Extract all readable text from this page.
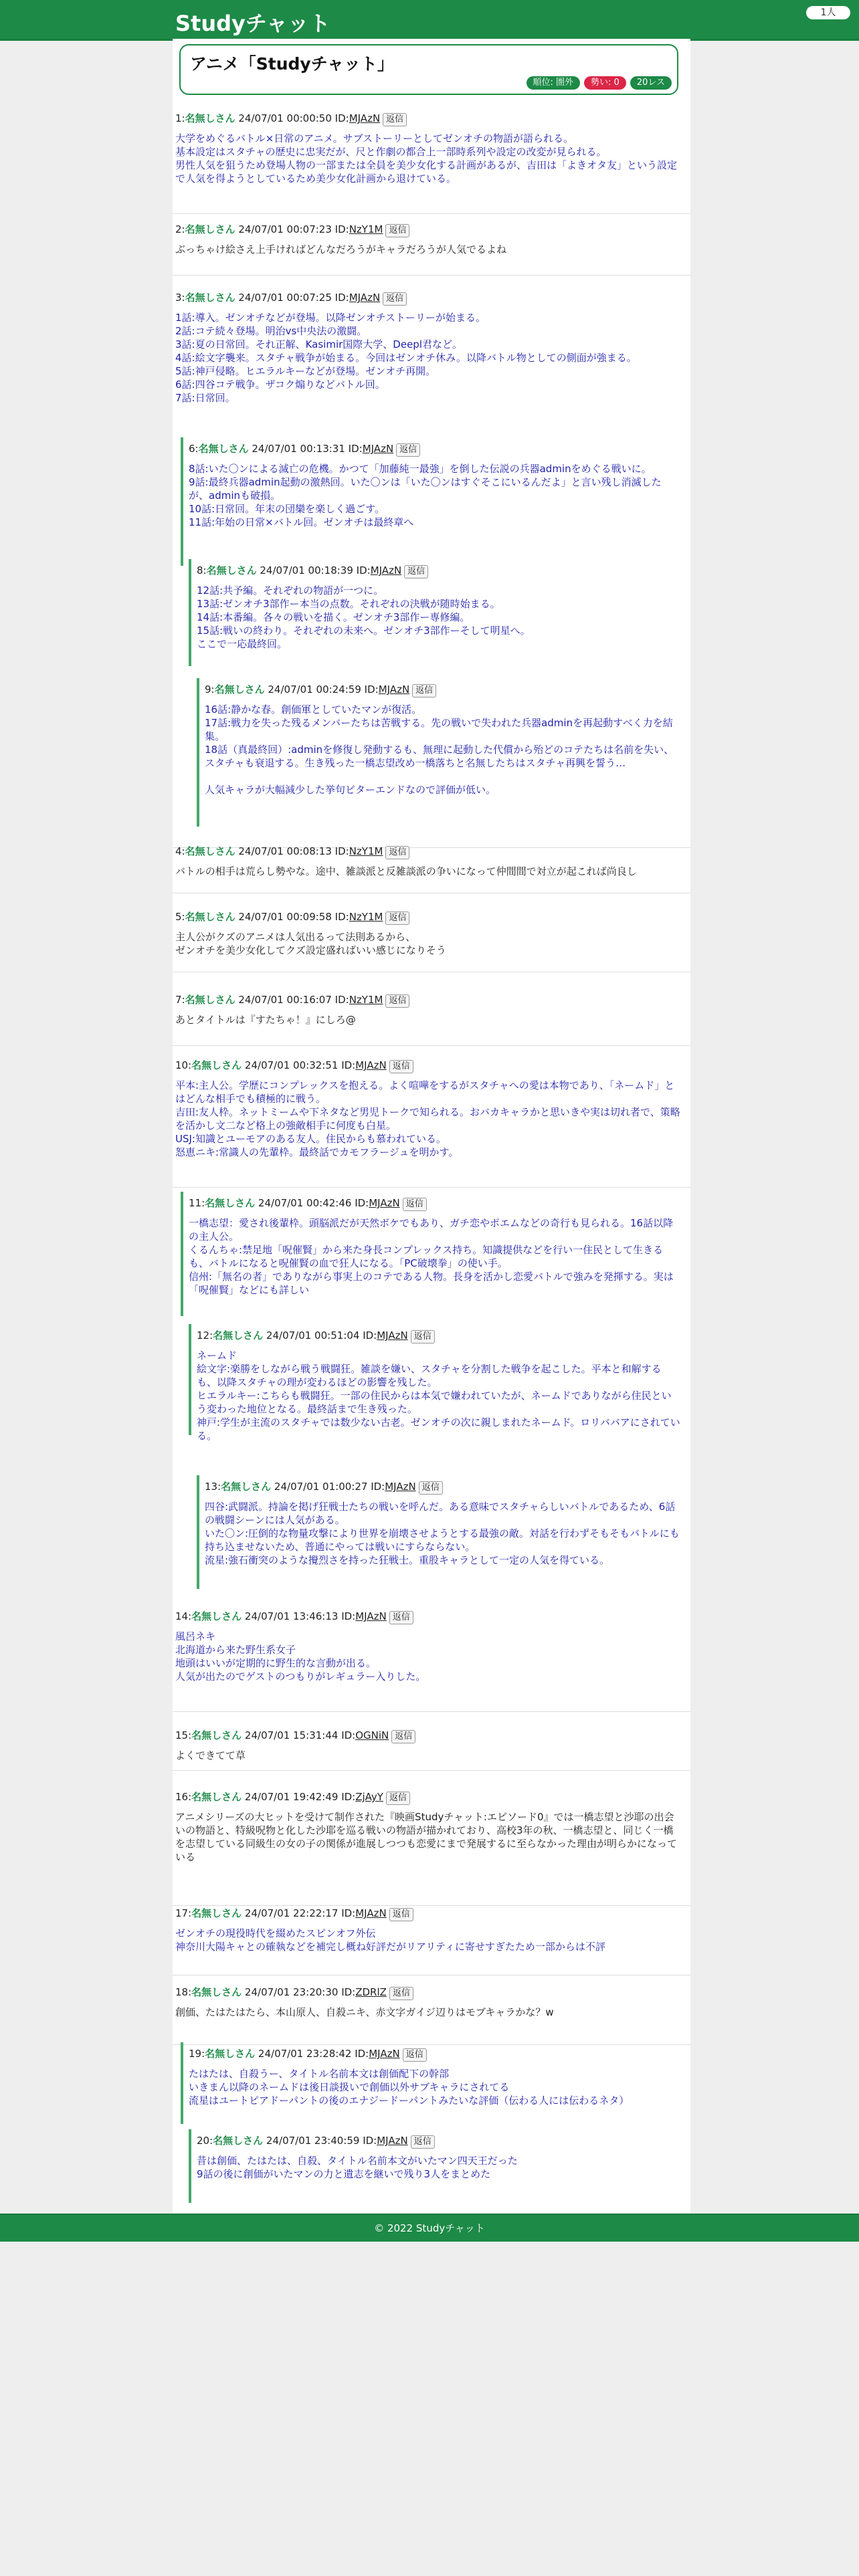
Studyチャット	1人
アニメ「Studyチャット」
順位: 圏外	勢い: 0	20レス
1:名無しさん 24/07/01 00:00:50 ID:MJAzN 返信
大学をめぐるバトル×日常のアニメ。サブストーリーとしてゼンオチの物語が語られる。
基本設定はスタチャの歴史に忠実だが、尺と作劇の都合上一部時系列や設定の改変が見られる。
男性人気を狙うため登場人物の一部または全員を美少女化する計画があるが、吉田は「よきオタ友」という設定で人気を得ようとしているため美少女化計画から退けている。
2:名無しさん 24/07/01 00:07:23 ID:NzY1M 返信
ぶっちゃけ絵さえ上手ければどんなだろうがキャラだろうが人気でるよね
3:名無しさん 24/07/01 00:07:25 ID:MJAzN 返信
1話:導入。ゼンオチなどが登場。以降ゼンオチストーリーが始まる。
2話:コテ続々登場。明治vs中央法の激闘。
3話:夏の日常回。それ正解、Kasimir国際大学、Deepl君など。
4話:絵文字襲来。スタチャ戦争が始まる。今回はゼンオチ休み。以降バトル物としての側面が強まる。
5話:神戸侵略。ヒエラルキーなどが登場。ゼンオチ再開。
6話:四谷コテ戦争。ザコク煽りなどバトル回。
7話:日常回。
6:名無しさん 24/07/01 00:13:31 ID:MJAzN 返信
8話:いた〇ンによる滅亡の危機。かつて「加藤純一最強」を倒した伝説の兵器adminをめぐる戦いに。
9話:最終兵器admin起動の激熱回。いた〇ンは「いた〇ンはすぐそこにいるんだよ」と言い残し消滅したが、adminも破損。
10話:日常回。年末の団欒を楽しく過ごす。
11話:年始の日常×バトル回。ゼンオチは最終章へ
8:名無しさん 24/07/01 00:18:39 ID:MJAzN 返信
12話:共予編。それぞれの物語が一つに。
13話:ゼンオチ3部作ー本当の点数。それぞれの決戦が随時始まる。
14話:本番編。各々の戦いを描く。ゼンオチ3部作ー専修編。
15話:戦いの終わり。それぞれの未来へ。ゼンオチ3部作ーそして明星へ。
ここで一応最終回。
9:名無しさん 24/07/01 00:24:59 ID:MJAzN 返信
16話:静かな春。創価軍としていたマンが復活。
17話:戦力を失った残るメンバーたちは苦戦する。先の戦いで失われた兵器adminを再起動すべく力を結集。
18話（真最終回）:adminを修復し発動するも、無理に起動した代償から殆どのコテたちは名前を失い、スタチャも衰退する。生き残った一橋志望改め一橋落ちと名無したちはスタチャ再興を誓う…

人気キャラが大幅減少した挙句ビターエンドなので評価が低い。
4:名無しさん 24/07/01 00:08:13 ID:NzY1M 返信
バトルの相手は荒らし勢やな。途中、雑談派と反雑談派の争いになって仲間間で対立が起これば尚良し
5:名無しさん 24/07/01 00:09:58 ID:NzY1M 返信
主人公がクズのアニメは人気出るって法則あるから、
ゼンオチを美少女化してクズ設定盛ればいい感じになりそう
7:名無しさん 24/07/01 00:16:07 ID:NzY1M 返信
あとタイトルは『すたちゃ！』にしろ@
10:名無しさん 24/07/01 00:32:51 ID:MJAzN 返信
平本:主人公。学歴にコンプレックスを抱える。よく喧嘩をするがスタチャへの愛は本物であり、「ネームド」とはどんな相手でも積極的に戦う。
吉田:友人枠。ネットミームや下ネタなど男児トークで知られる。おバカキャラかと思いきや実は切れ者で、策略を活かし文二など格上の強敵相手に何度も白星。
USJ:知識とユーモアのある友人。住民からも慕われている。
怒恵ニキ:常識人の先輩枠。最終話でカモフラージュを明かす。
11:名無しさん 24/07/01 00:42:46 ID:MJAzN 返信
一橋志望：愛され後輩枠。頭脳派だが天然ボケでもあり、ガチ恋やポエムなどの奇行も見られる。16話以降の主人公。
くるんちゃ:禁足地「呪催賢」から来た身長コンプレックス持ち。知識提供などを行い一住民として生きるも、バトルになると呪催賢の血で狂人になる。「PC破壊拳」の使い手。
信州:「無名の者」でありながら事実上のコテである人物。長身を活かし恋愛バトルで強みを発揮する。実は「呪催賢」などにも詳しい
12:名無しさん 24/07/01 00:51:04 ID:MJAzN 返信
ネームド
絵文字:楽勝をしながら戦う戦闘狂。雑談を嫌い、スタチャを分割した戦争を起こした。平本と和解するも、以降スタチャの理が変わるほどの影響を残した。
ヒエラルキー:こちらも戦闘狂。一部の住民からは本気で嫌われていたが、ネームドでありながら住民という変わった地位となる。最終話まで生き残った。
神戸:学生が主流のスタチャでは数少ない古老。ゼンオチの次に親しまれたネームド。ロリババアにされている。
13:名無しさん 24/07/01 01:00:27 ID:MJAzN 返信
四谷:武闘派。持論を掲げ狂戦士たちの戦いを呼んだ。ある意味でスタチャらしいバトルであるため、6話の戦闘シーンには人気がある。
いた〇ン:圧倒的な物量攻撃により世界を崩壊させようとする最強の敵。対話を行わずそもそもバトルにも持ち込ませないため、普通にやっては戦いにすらならない。
流星:強石衝突のような攪烈さを持った狂戦士。重股キャラとして一定の人気を得ている。
14:名無しさん 24/07/01 13:46:13 ID:MJAzN 返信
風呂ネキ
北海道から来た野生系女子
地頭はいいが定期的に野生的な言動が出る。
人気が出たのでゲストのつもりがレギュラー入りした。
15:名無しさん 24/07/01 15:31:44 ID:OGNiN 返信
よくできてて草
16:名無しさん 24/07/01 19:42:49 ID:ZjAyY 返信
アニメシリーズの大ヒットを受けて制作された『映画Studyチャット:エピソード0』では一橋志望と沙耶の出会いの物語と、特級呪物と化した沙耶を巡る戦いの物語が描かれており、高校3年の秋、一橋志望と、同じく一橋を志望している同級生の女の子の関係が進展しつつも恋愛にまで発展するに至らなかった理由が明らかになっている
17:名無しさん 24/07/01 22:22:17 ID:MJAzN 返信
ゼンオチの現役時代を綴めたスピンオフ外伝
神奈川大陽キャとの確執などを補完し概ね好評だがリアリティに寄せすぎたため一部からは不評
18:名無しさん 24/07/01 23:20:30 ID:ZDRlZ 返信
創価、たはたはたら、本山原人、自殺ニキ、赤文字ガイジ辺りはモブキャラかな？w
19:名無しさん 24/07/01 23:28:42 ID:MJAzN 返信
たはたは、自殺うー、タイトル名前本文は創価配下の幹部
いきまん以降のネームドは後日談扱いで創価以外サブキャラにされてる
流星はユートピアドーパントの後のエナジードーパントみたいな評価（伝わる人には伝わるネタ）
20:名無しさん 24/07/01 23:40:59 ID:MJAzN 返信
昔は創価、たはたは、自殺、タイトル名前本文がいたマン四天王だった
9話の後に創価がいたマンの力と遺志を継いで残り3人をまとめた
© 2022 Studyチャット
